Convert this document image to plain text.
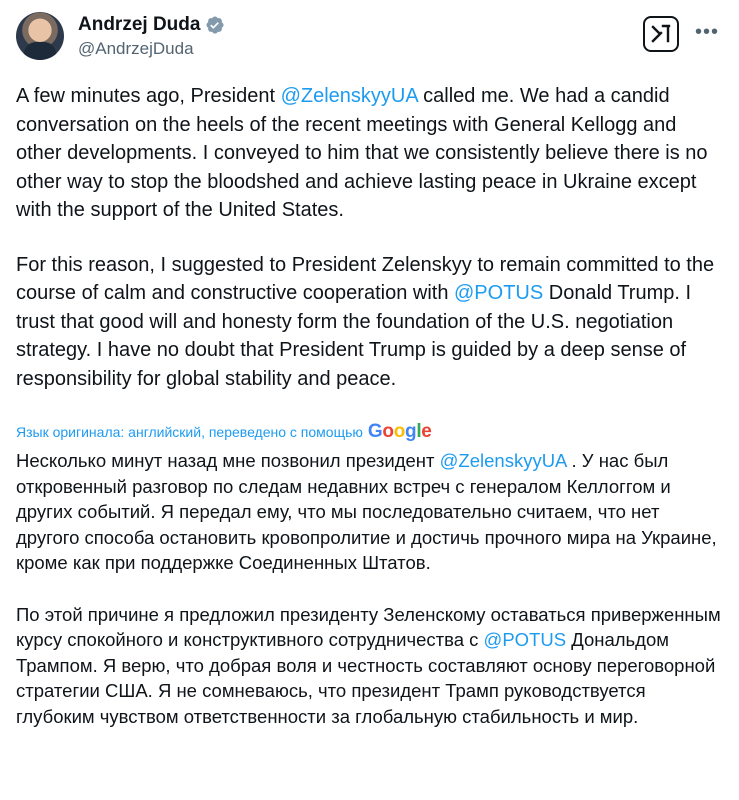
Andrzej Duda
@AndrzejDuda
•••
A few minutes ago, President @ZelenskyyUA called me. We had a candid conversation on the heels of the recent meetings with General Kellogg and other developments. I conveyed to him that we consistently believe there is no other way to stop the bloodshed and achieve lasting peace in Ukraine except with the support of the United States.
For this reason, I suggested to President Zelenskyy to remain committed to the course of calm and constructive cooperation with @POTUS Donald Trump. I trust that good will and honesty form the foundation of the U.S. negotiation strategy. I have no doubt that President Trump is guided by a deep sense of responsibility for global stability and peace.
Язык оригинала: английский, переведено с помощью Google
Несколько минут назад мне позвонил президент @ZelenskyyUA . У нас был откровенный разговор по следам недавних встреч с генералом Келлоггом и других событий. Я передал ему, что мы последовательно считаем, что нет другого способа остановить кровопролитие и достичь прочного мира на Украине, кроме как при поддержке Соединенных Штатов.
По этой причине я предложил президенту Зеленскому оставаться приверженным курсу спокойного и конструктивного сотрудничества с @POTUS Дональдом Трампом. Я верю, что добрая воля и честность составляют основу переговорной стратегии США. Я не сомневаюсь, что президент Трамп руководствуется глубоким чувством ответственности за глобальную стабильность и мир.
